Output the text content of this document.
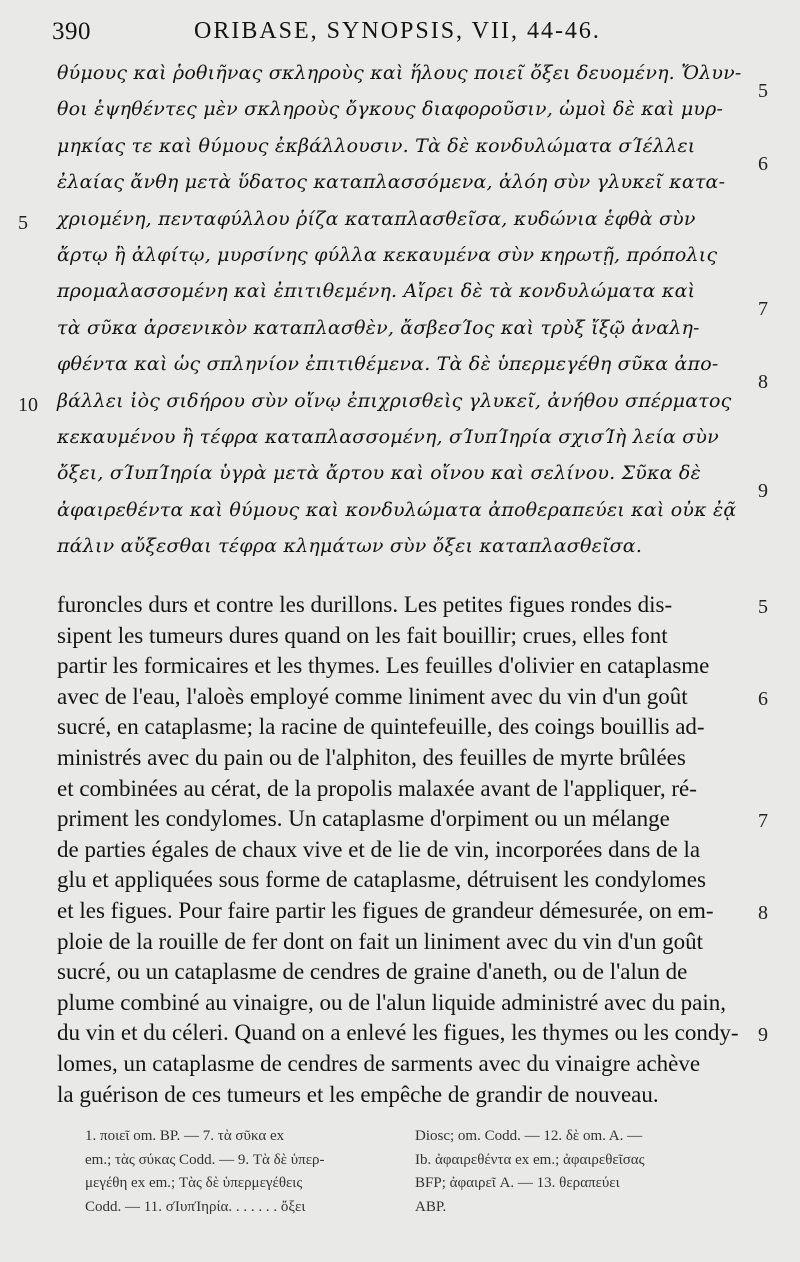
390	ORIBASE, SYNOPSIS, VII, 44-46.
θύμους καὶ ῥοθιῆνας σκληροὺς καὶ ἥλους ποιεῖ ὄξει δευομένη. Ὄλυν-
θοι ἑψηθέντες μὲν σκληροὺς ὄγκους διαφοροῦσιν, ὠμοὶ δὲ καὶ μυρ-
μηκίας τε καὶ θύμους ἐκβάλλουσιν. Τὰ δὲ κονδυλώματα σΊέλλει
ἐλαίας ἄνθη μετὰ ὕδατος καταπλασσόμενα, ἀλόη σὺν γλυκεῖ κατα-
χριομένη, πενταφύλλου ῥίζα καταπλασθεῖσα, κυδώνια ἑφθὰ σὺν
ἄρτῳ ἢ ἀλφίτῳ, μυρσίνης φύλλα κεκαυμένα σὺν κηρωτῇ, πρόπολις
προμαλασσομένη καὶ ἐπιτιθεμένη. Αἴρει δὲ τὰ κονδυλώματα καὶ
τὰ σῦκα ἀρσενικὸν καταπλασθὲν, ἄσβεσΊος καὶ τρὺξ ἴξῷ ἀναλη-
φθέντα καὶ ὡς σπληνίον ἐπιτιθέμενα. Τὰ δὲ ὑπερμεγέθη σῦκα ἀπο-
βάλλει ἰὸς σιδήρου σὺν οἴνῳ ἐπιχρισθεὶς γλυκεῖ, ἀνήθου σπέρματος
κεκαυμένου ἢ τέφρα καταπλασσομένη, σΊυπΊηρία σχισΊὴ λεία σὺν
ὄξει, σΊυπΊηρία ὑγρὰ μετὰ ἄρτου καὶ οἴνου καὶ σελίνου. Σῦκα δὲ
ἀφαιρεθέντα καὶ θύμους καὶ κονδυλώματα ἀποθεραπεύει καὶ οὐκ ἐᾷ
πάλιν αὔξεσθαι τέφρα κλημάτων σὺν ὄξει καταπλασθεῖσα.
furoncles durs et contre les durillons. Les petites figues rondes dis-
sipent les tumeurs dures quand on les fait bouillir; crues, elles font
partir les formicaires et les thymes. Les feuilles d'olivier en cataplasme
avec de l'eau, l'aloès employé comme liniment avec du vin d'un goût
sucré, en cataplasme; la racine de quintefeuille, des coings bouillis ad-
ministrés avec du pain ou de l'alphiton, des feuilles de myrte brûlées
et combinées au cérat, de la propolis malaxée avant de l'appliquer, ré-
priment les condylomes. Un cataplasme d'orpiment ou un mélange
de parties égales de chaux vive et de lie de vin, incorporées dans de la
glu et appliquées sous forme de cataplasme, détruisent les condylomes
et les figues. Pour faire partir les figues de grandeur démesurée, on em-
ploie de la rouille de fer dont on fait un liniment avec du vin d'un goût
sucré, ou un cataplasme de cendres de graine d'aneth, ou de l'alun de
plume combiné au vinaigre, ou de l'alun liquide administré avec du pain,
du vin et du céleri. Quand on a enlevé les figues, les thymes ou les condy-
lomes, un cataplasme de cendres de sarments avec du vinaigre achève
la guérison de ces tumeurs et les empêche de grandir de nouveau.
1. ποιεῖ om. BP. — 7. τὰ σῦκα ex
em.; τὰς σύκας Codd. — 9. Τὰ δὲ ὑπερ-
μεγέθη ex em.; Τὰς δὲ ὑπερμεγέθεις
Codd. — 11. σΊυπΊηρία. . . . . . . ὄξει
Diosc; om. Codd. — 12. δὲ om. A. —
Ib. ἀφαιρεθέντα ex em.; ἀφαιρεθεῖσας
BFP; ἀφαιρεῖ A. — 13. θεραπεύει
ABP.
5
10
5
6
7
8
9
5
6
7
8
9
